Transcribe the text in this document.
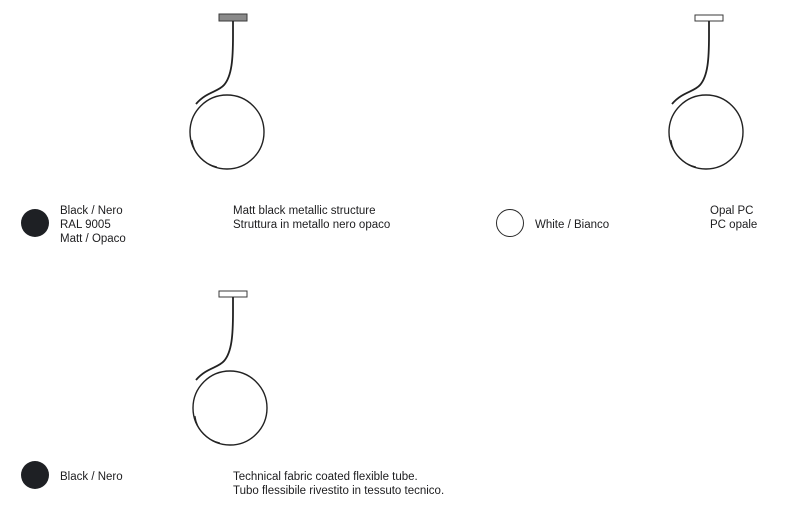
Black / Nero
RAL 9005
Matt / Opaco
Matt black metallic structure
Struttura in metallo nero opaco	White / Bianco
Opal PC
PC opale
Black / Nero	Technical fabric coated flexible tube.
Tubo flessibile rivestito in tessuto tecnico.
